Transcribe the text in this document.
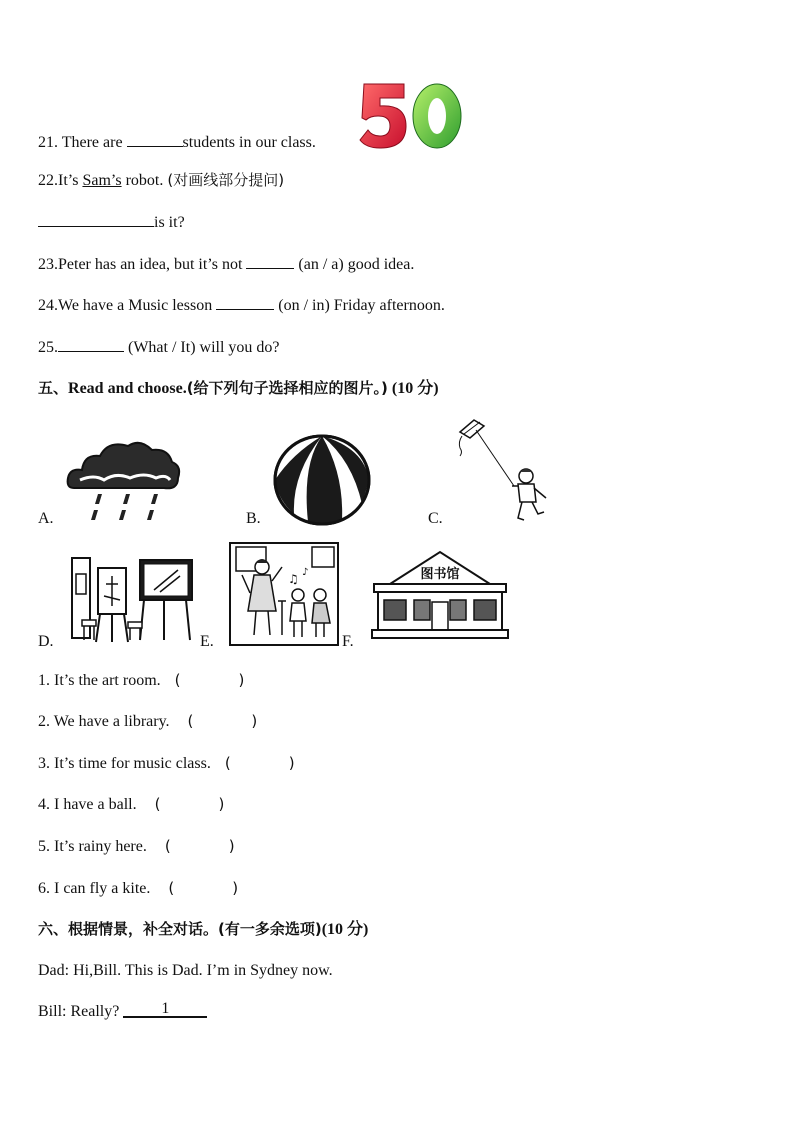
50
21. There are	students in our class.
22.It’s Sam’s robot. (对画线部分提问)
is it?
23.Peter has an idea, but it’s not	(an / a) good idea.
24.We have a Music lesson	(on / in) Friday afternoon.
25.	(What / It) will you do?
五、Read and choose.(给下列句子选择相应的图片。) (10 分)
A.	B.	C.
D.
♫ ♪
E.
图书馆
F.
1. It’s the art room. (	)
2. We have a library. (	)
3. It’s time for music class. (	)
4. I have a ball. (	)
5. It’s rainy here. (	)
6. I can fly a kite. (	)
六、根据情景，补全对话。(有一多余选项)(10 分)
Dad: Hi,Bill. This is Dad. I’m in Sydney now.
Bill: Really? 1
